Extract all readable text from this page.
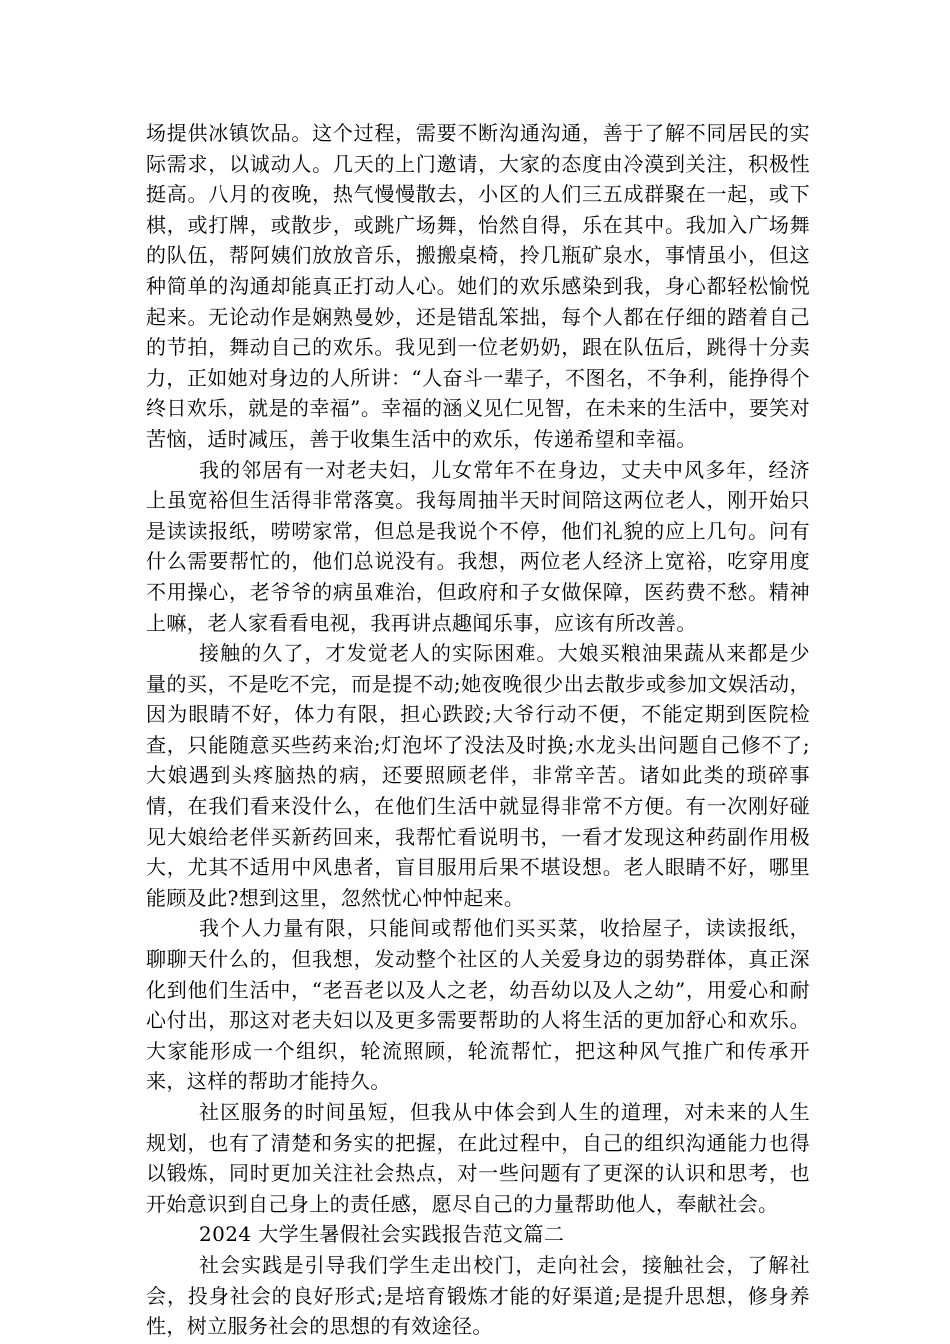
场提供冰镇饮品。这个过程，需要不断沟通沟通，善于了解不同居民的实际需求，以诚动人。几天的上门邀请，大家的态度由冷漠到关注，积极性挺高。八月的夜晚，热气慢慢散去，小区的人们三五成群聚在一起，或下棋，或打牌，或散步，或跳广场舞，怡然自得，乐在其中。我加入广场舞的队伍，帮阿姨们放放音乐，搬搬桌椅，拎几瓶矿泉水，事情虽小，但这种简单的沟通却能真正打动人心。她们的欢乐感染到我，身心都轻松愉悦起来。无论动作是娴熟曼妙，还是错乱笨拙，每个人都在仔细的踏着自己的节拍，舞动自己的欢乐。我见到一位老奶奶，跟在队伍后，跳得十分卖力，正如她对身边的人所讲：“人奋斗一辈子，不图名，不争利，能挣得个终日欢乐，就是的幸福”。幸福的涵义见仁见智，在未来的生活中，要笑对苦恼，适时减压，善于收集生活中的欢乐，传递希望和幸福。

我的邻居有一对老夫妇，儿女常年不在身边，丈夫中风多年，经济上虽宽裕但生活得非常落寞。我每周抽半天时间陪这两位老人，刚开始只是读读报纸，唠唠家常，但总是我说个不停，他们礼貌的应上几句。问有什么需要帮忙的，他们总说没有。我想，两位老人经济上宽裕，吃穿用度不用操心，老爷爷的病虽难治，但政府和子女做保障，医药费不愁。精神上嘛，老人家看看电视，我再讲点趣闻乐事，应该有所改善。

接触的久了，才发觉老人的实际困难。大娘买粮油果蔬从来都是少量的买，不是吃不完，而是提不动;她夜晚很少出去散步或参加文娱活动，因为眼睛不好，体力有限，担心跌跤;大爷行动不便，不能定期到医院检查，只能随意买些药来治;灯泡坏了没法及时换;水龙头出问题自己修不了;大娘遇到头疼脑热的病，还要照顾老伴，非常辛苦。诸如此类的琐碎事情，在我们看来没什么，在他们生活中就显得非常不方便。有一次刚好碰见大娘给老伴买新药回来，我帮忙看说明书，一看才发现这种药副作用极大，尤其不适用中风患者，盲目服用后果不堪设想。老人眼睛不好，哪里能顾及此?想到这里，忽然忧心忡忡起来。

我个人力量有限，只能间或帮他们买买菜，收拾屋子，读读报纸，聊聊天什么的，但我想，发动整个社区的人关爱身边的弱势群体，真正深化到他们生活中，“老吾老以及人之老，幼吾幼以及人之幼”，用爱心和耐心付出，那这对老夫妇以及更多需要帮助的人将生活的更加舒心和欢乐。大家能形成一个组织，轮流照顾，轮流帮忙，把这种风气推广和传承开来，这样的帮助才能持久。

社区服务的时间虽短，但我从中体会到人生的道理，对未来的人生规划，也有了清楚和务实的把握，在此过程中，自己的组织沟通能力也得以锻炼，同时更加关注社会热点，对一些问题有了更深的认识和思考，也开始意识到自己身上的责任感，愿尽自己的力量帮助他人，奉献社会。

2024 大学生暑假社会实践报告范文篇二

社会实践是引导我们学生走出校门，走向社会，接触社会，了解社会，投身社会的良好形式;是培育锻炼才能的好渠道;是提升思想，修身养性，树立服务社会的思想的有效途径。
